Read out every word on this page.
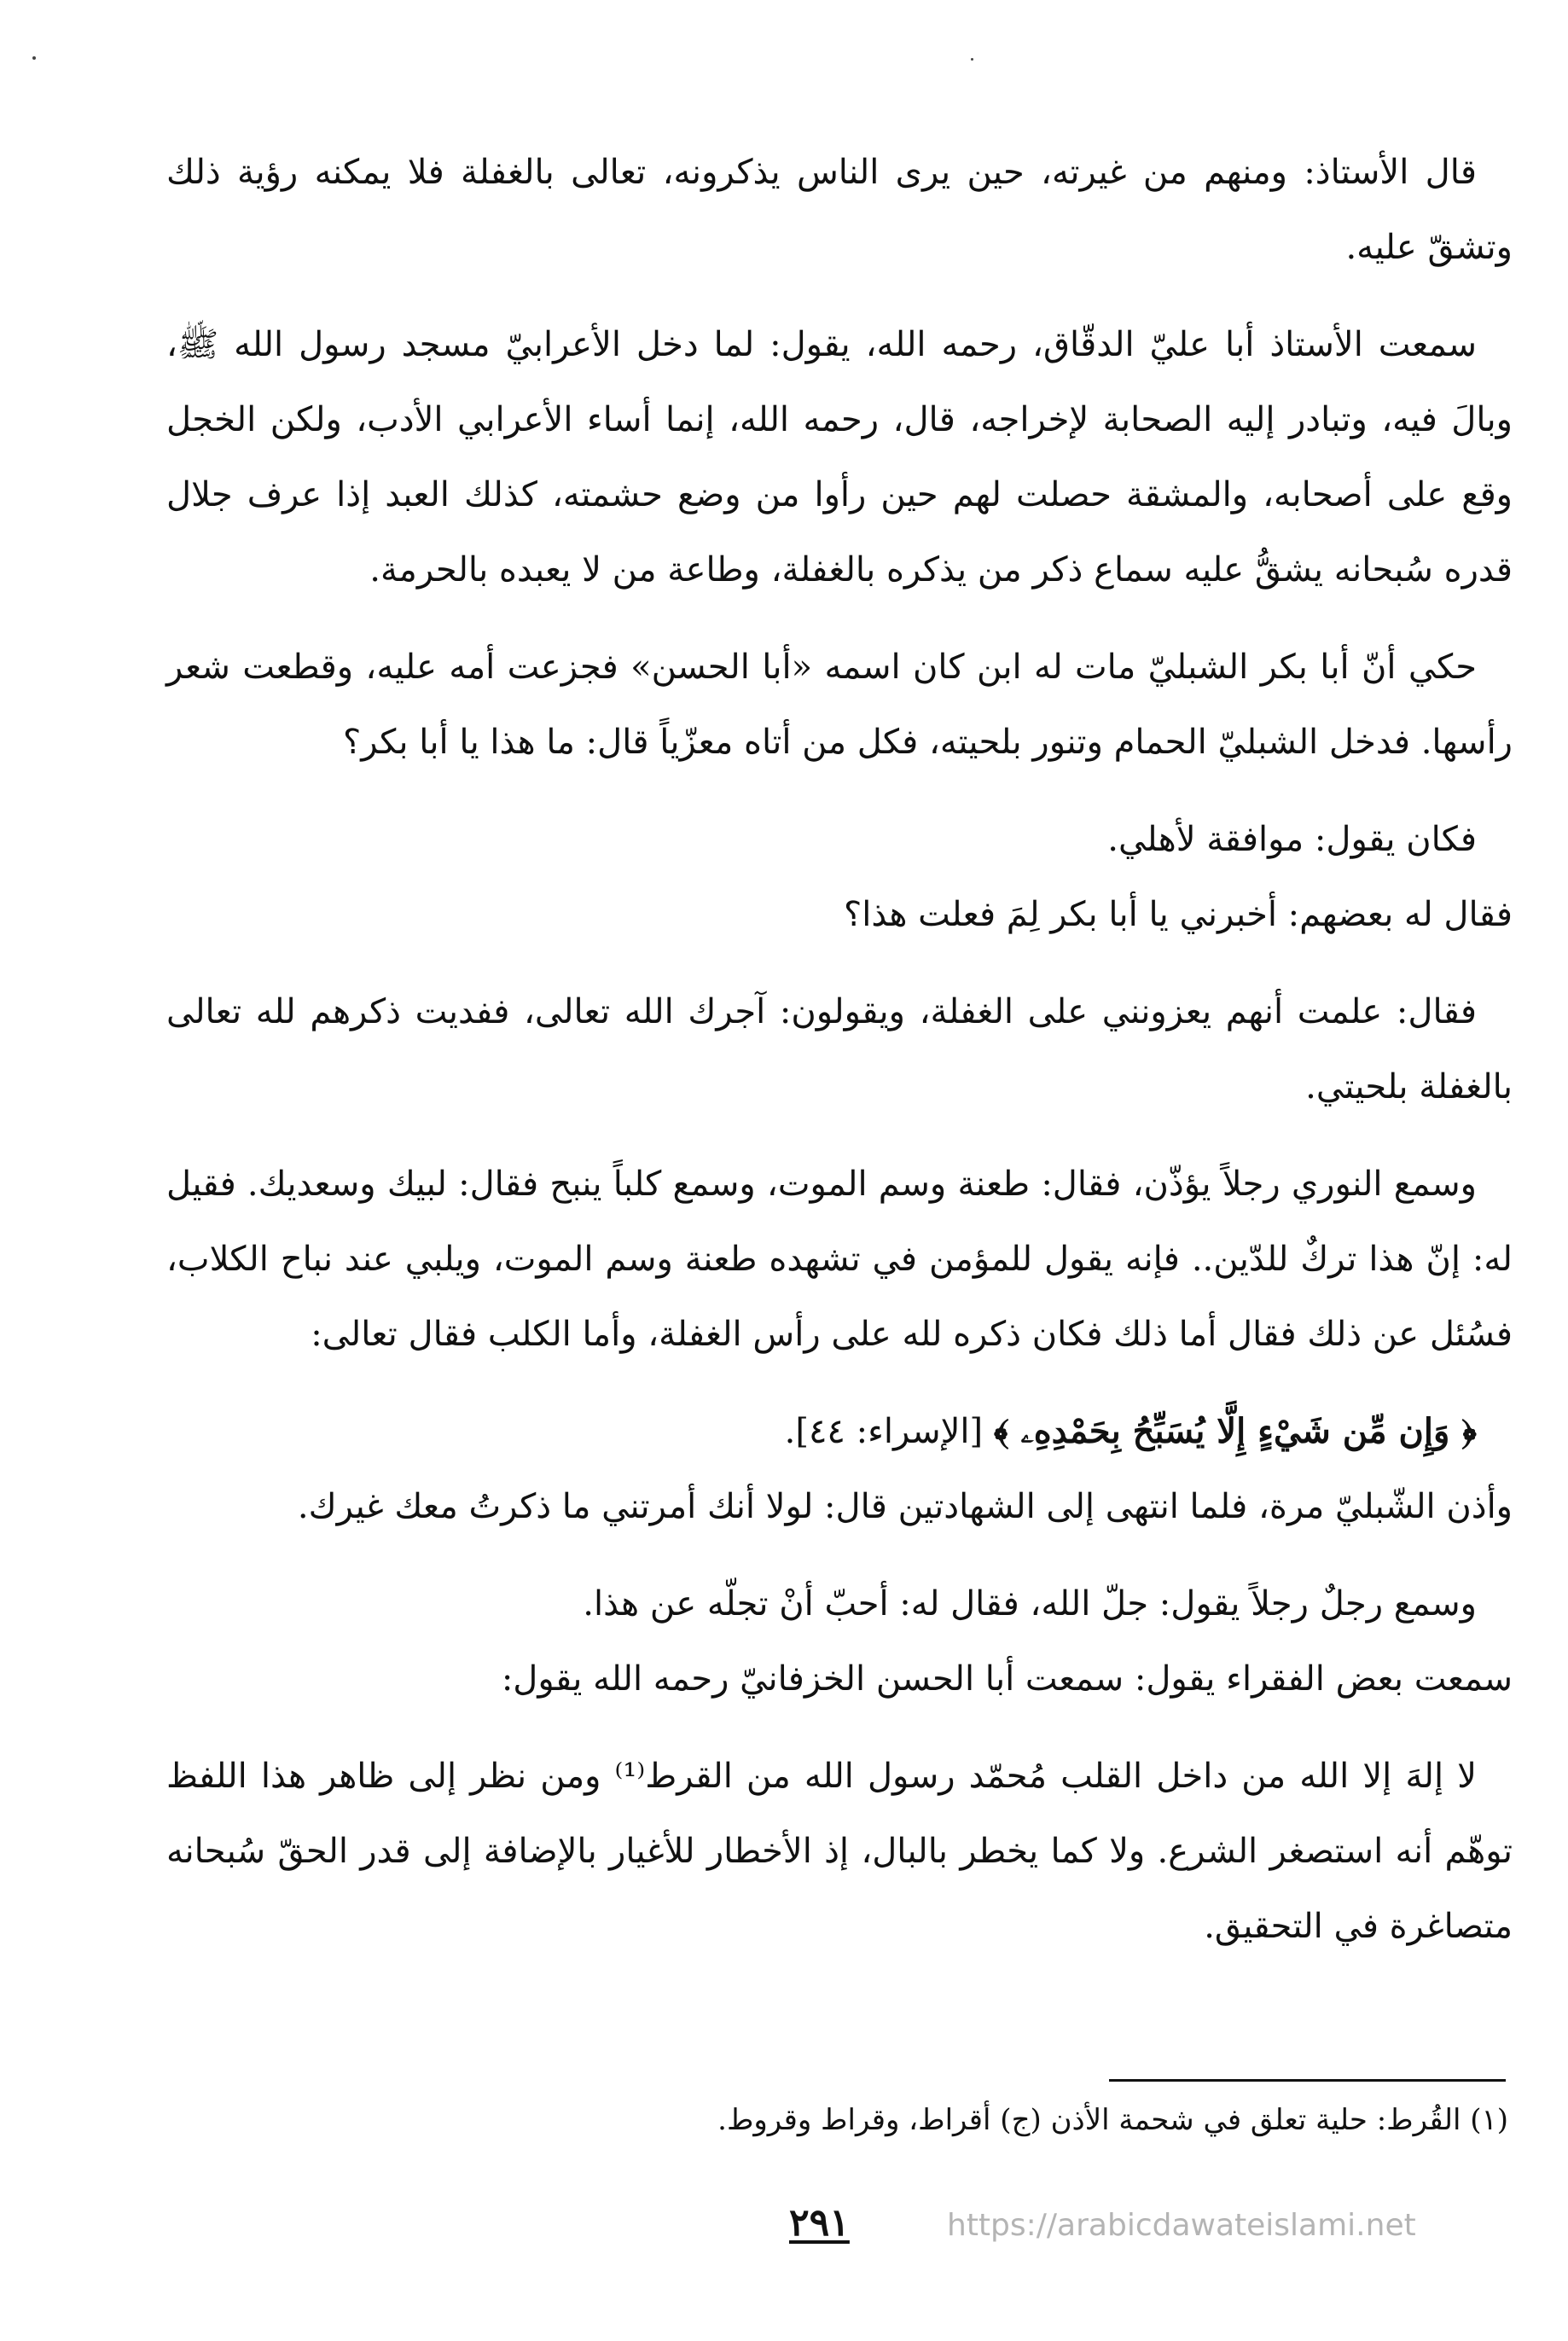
قال الأستاذ: ومنهم من غيرته، حين يرى الناس يذكرونه، تعالى بالغفلة فلا يمكنه رؤية ذلك وتشقّ عليه.

سمعت الأستاذ أبا عليّ الدقّاق، رحمه الله، يقول: لما دخل الأعرابيّ مسجد رسول الله ﷺ، وبالَ فيه، وتبادر إليه الصحابة لإخراجه، قال، رحمه الله، إنما أساء الأعرابي الأدب، ولكن الخجل وقع على أصحابه، والمشقة حصلت لهم حين رأوا من وضع حشمته، كذلك العبد إذا عرف جلال قدره سُبحانه يشقُّ عليه سماع ذكر من يذكره بالغفلة، وطاعة من لا يعبده بالحرمة.

حكي أنّ أبا بكر الشبليّ مات له ابن كان اسمه «أبا الحسن» فجزعت أمه عليه، وقطعت شعر رأسها. فدخل الشبليّ الحمام وتنور بلحيته، فكل من أتاه معزّياً قال: ما هذا يا أبا بكر؟

فكان يقول: موافقة لأهلي.

فقال له بعضهم: أخبرني يا أبا بكر لِمَ فعلت هذا؟

فقال: علمت أنهم يعزونني على الغفلة، ويقولون: آجرك الله تعالى، ففديت ذكرهم لله تعالى بالغفلة بلحيتي.

وسمع النوري رجلاً يؤذّن، فقال: طعنة وسم الموت، وسمع كلباً ينبح فقال: لبيك وسعديك. فقيل له: إنّ هذا تركٌ للدّين.. فإنه يقول للمؤمن في تشهده طعنة وسم الموت، ويلبي عند نباح الكلاب، فسُئل عن ذلك فقال أما ذلك فكان ذكره لله على رأس الغفلة، وأما الكلب فقال تعالى:

﴿ وَإِن مِّن شَيْءٍ إِلَّا يُسَبِّحُ بِحَمْدِهِۦ ﴾ [الإسراء: ٤٤].

وأذن الشّبليّ مرة، فلما انتهى إلى الشهادتين قال: لولا أنك أمرتني ما ذكرتُ معك غيرك.

وسمع رجلٌ رجلاً يقول: جلّ الله، فقال له: أحبّ أنْ تجلّه عن هذا.

سمعت بعض الفقراء يقول: سمعت أبا الحسن الخزفانيّ رحمه الله يقول:

لا إلهَ إلا الله من داخل القلب مُحمّد رسول الله من القرط⁽¹⁾ ومن نظر إلى ظاهر هذا اللفظ توهّم أنه استصغر الشرع. ولا كما يخطر بالبال، إذ الأخطار للأغيار بالإضافة إلى قدر الحقّ سُبحانه متصاغرة في التحقيق.

(١) القُرط: حلية تعلق في شحمة الأذن (ج) أقراط، وقراط وقروط.
٢٩١	https://arabicdawateislami.net
